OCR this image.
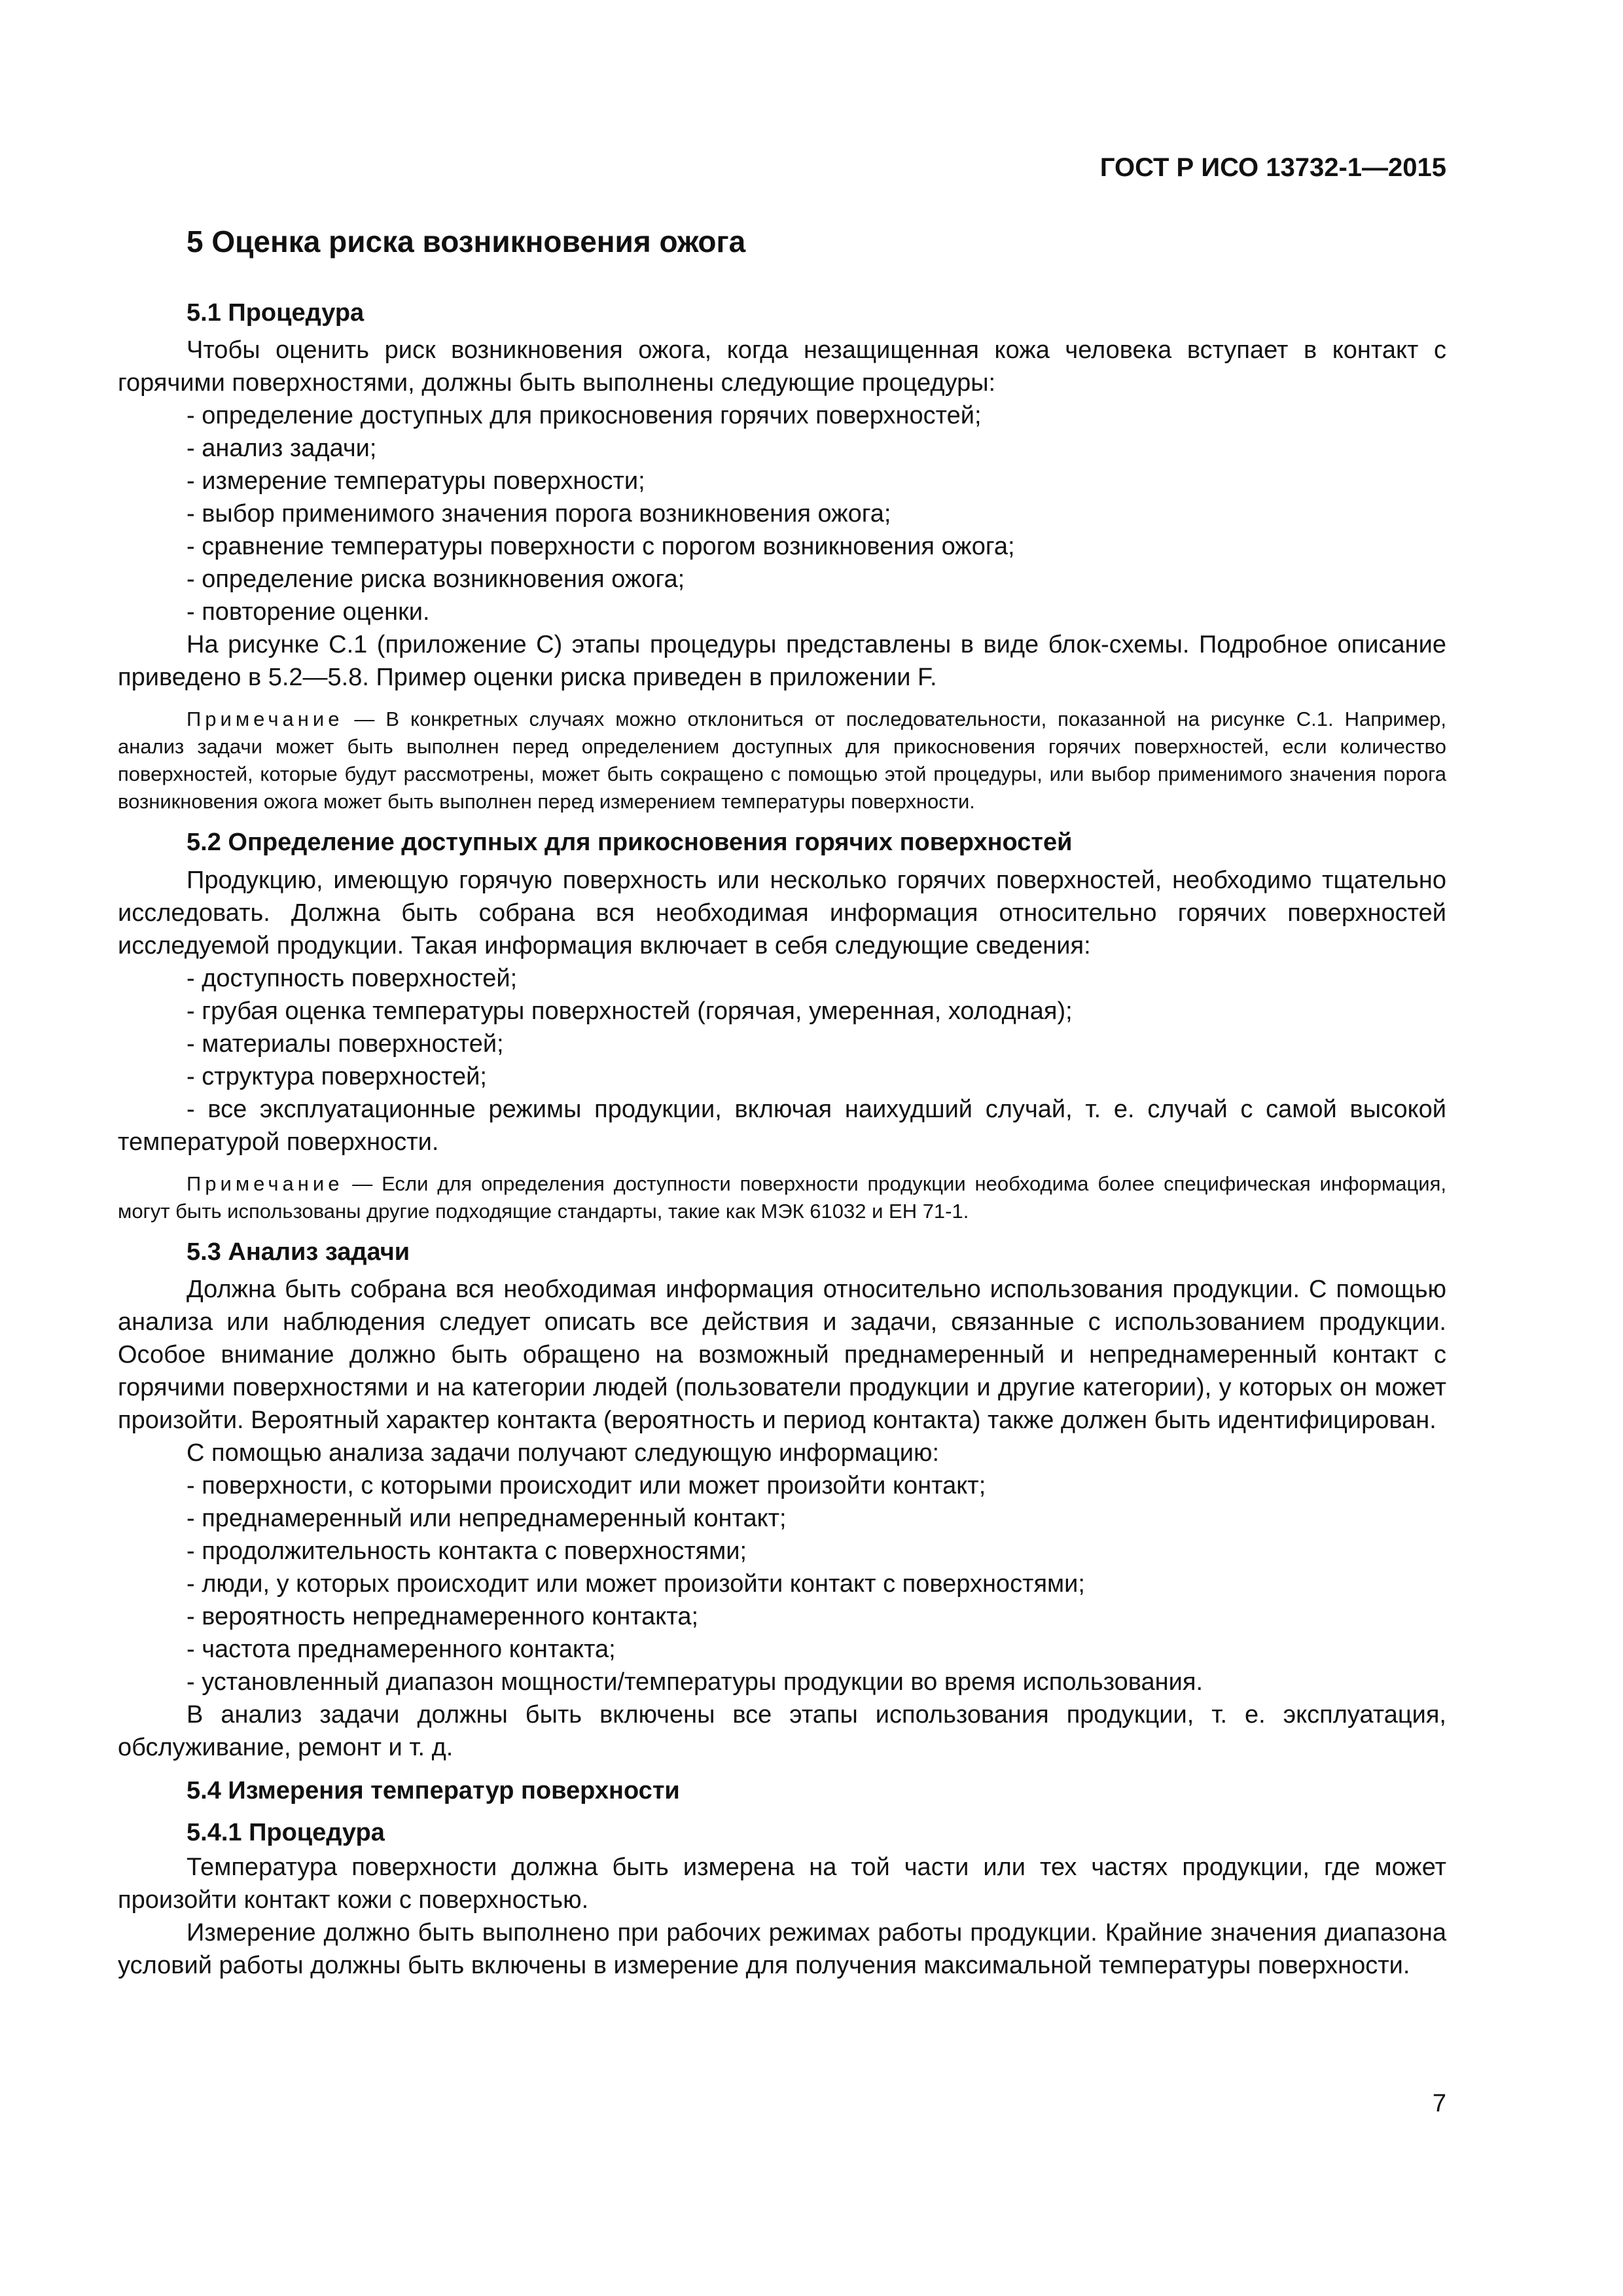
ГОСТ Р ИСО 13732-1—2015
5 Оценка риска возникновения ожога
5.1 Процедура

Чтобы оценить риск возникновения ожога, когда незащищенная кожа человека вступает в контакт с горячими поверхностями, должны быть выполнены следующие процедуры:

- определение доступных для прикосновения горячих поверхностей;
- анализ задачи;
- измерение температуры поверхности;
- выбор применимого значения порога возникновения ожога;
- сравнение температуры поверхности с порогом возникновения ожога;
- определение риска возникновения ожога;
- повторение оценки.

На рисунке С.1 (приложение С) этапы процедуры представлены в виде блок-схемы. Подробное описание приведено в 5.2—5.8. Пример оценки риска приведен в приложении F.

Примечание — В конкретных случаях можно отклониться от последовательности, показанной на рисунке С.1. Например, анализ задачи может быть выполнен перед определением доступных для прикосновения горячих поверхностей, если количество поверхностей, которые будут рассмотрены, может быть сокращено с помощью этой процедуры, или выбор применимого значения порога возникновения ожога может быть выполнен перед измерением температуры поверхности.

5.2 Определение доступных для прикосновения горячих поверхностей

Продукцию, имеющую горячую поверхность или несколько горячих поверхностей, необходимо тщательно исследовать. Должна быть собрана вся необходимая информация относительно горячих поверхностей исследуемой продукции. Такая информация включает в себя следующие сведения:

- доступность поверхностей;
- грубая оценка температуры поверхностей (горячая, умеренная, холодная);
- материалы поверхностей;
- структура поверхностей;

- все эксплуатационные режимы продукции, включая наихудший случай, т. е. случай с самой высокой температурой поверхности.

Примечание — Если для определения доступности поверхности продукции необходима более специфическая информация, могут быть использованы другие подходящие стандарты, такие как МЭК 61032 и ЕН 71-1.

5.3 Анализ задачи

Должна быть собрана вся необходимая информация относительно использования продукции. С помощью анализа или наблюдения следует описать все действия и задачи, связанные с использованием продукции. Особое внимание должно быть обращено на возможный преднамеренный и непреднамеренный контакт с горячими поверхностями и на категории людей (пользователи продукции и другие категории), у которых он может произойти. Вероятный характер контакта (вероятность и период контакта) также должен быть идентифицирован.

С помощью анализа задачи получают следующую информацию:

- поверхности, с которыми происходит или может произойти контакт;
- преднамеренный или непреднамеренный контакт;
- продолжительность контакта с поверхностями;
- люди, у которых происходит или может произойти контакт с поверхностями;
- вероятность непреднамеренного контакта;
- частота преднамеренного контакта;
- установленный диапазон мощности/температуры продукции во время использования.

В анализ задачи должны быть включены все этапы использования продукции, т. е. эксплуатация, обслуживание, ремонт и т. д.

5.4 Измерения температур поверхности
5.4.1 Процедура

Температура поверхности должна быть измерена на той части или тех частях продукции, где может произойти контакт кожи с поверхностью.

Измерение должно быть выполнено при рабочих режимах работы продукции. Крайние значения диапазона условий работы должны быть включены в измерение для получения максимальной температуры поверхности.

7
